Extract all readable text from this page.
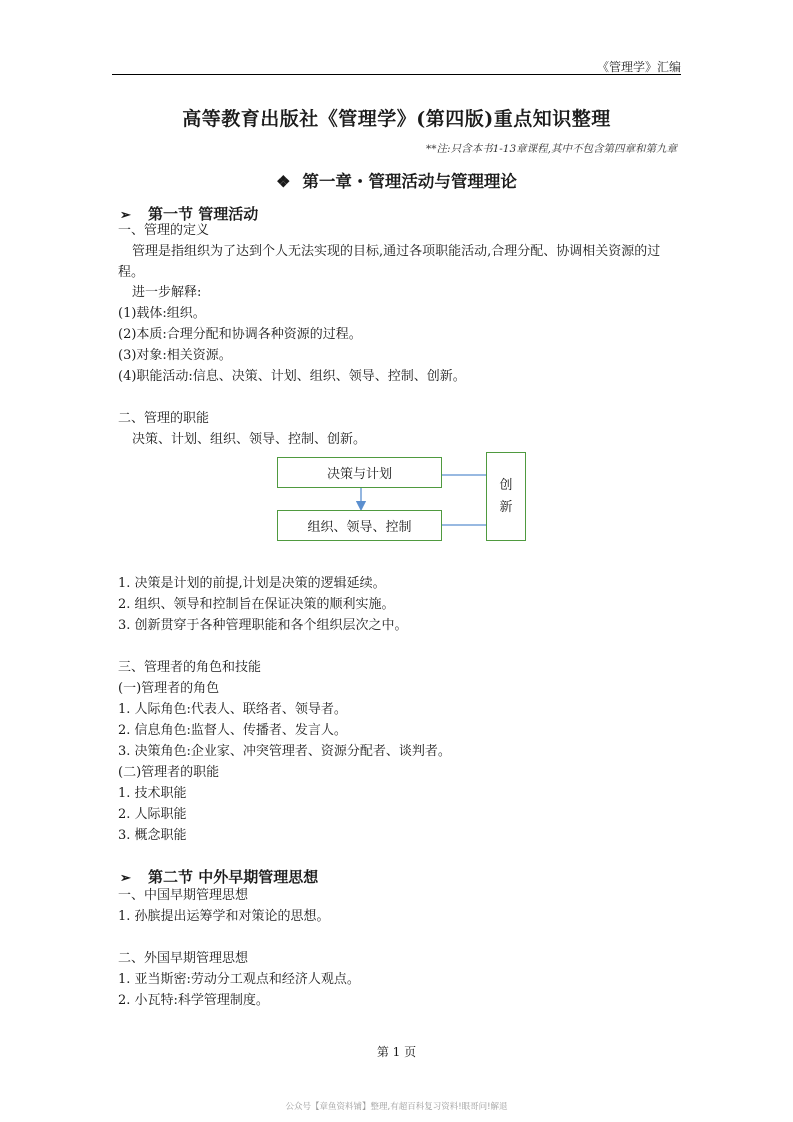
《管理学》汇编
高等教育出版社《管理学》(第四版)重点知识整理
**注:只含本书1-13章课程,其中不包含第四章和第九章
❖ 第一章・管理活动与管理理论
➢ 第一节 管理活动
一、管理的定义
管理是指组织为了达到个人无法实现的目标,通过各项职能活动,合理分配、协调相关资源的过程。
进一步解释:
(1)载体:组织。
(2)本质:合理分配和协调各种资源的过程。
(3)对象:相关资源。
(4)职能活动:信息、决策、计划、组织、领导、控制、创新。
二、管理的职能
决策、计划、组织、领导、控制、创新。
决策与计划
组织、领导、控制
创
新
1. 决策是计划的前提,计划是决策的逻辑延续。
2. 组织、领导和控制旨在保证决策的顺利实施。
3. 创新贯穿于各种管理职能和各个组织层次之中。
三、管理者的角色和技能
(一)管理者的角色
1. 人际角色:代表人、联络者、领导者。
2. 信息角色:监督人、传播者、发言人。
3. 决策角色:企业家、冲突管理者、资源分配者、谈判者。
(二)管理者的职能
1. 技术职能
2. 人际职能
3. 概念职能
➢ 第二节 中外早期管理思想
一、中国早期管理思想
1. 孙膑提出运筹学和对策论的思想。
二、外国早期管理思想
1. 亚当斯密:劳动分工观点和经济人观点。
2. 小瓦特:科学管理制度。
第 1 页
公众号【章鱼资料铺】整理,有超百科复习资料!眼哥问!解退
